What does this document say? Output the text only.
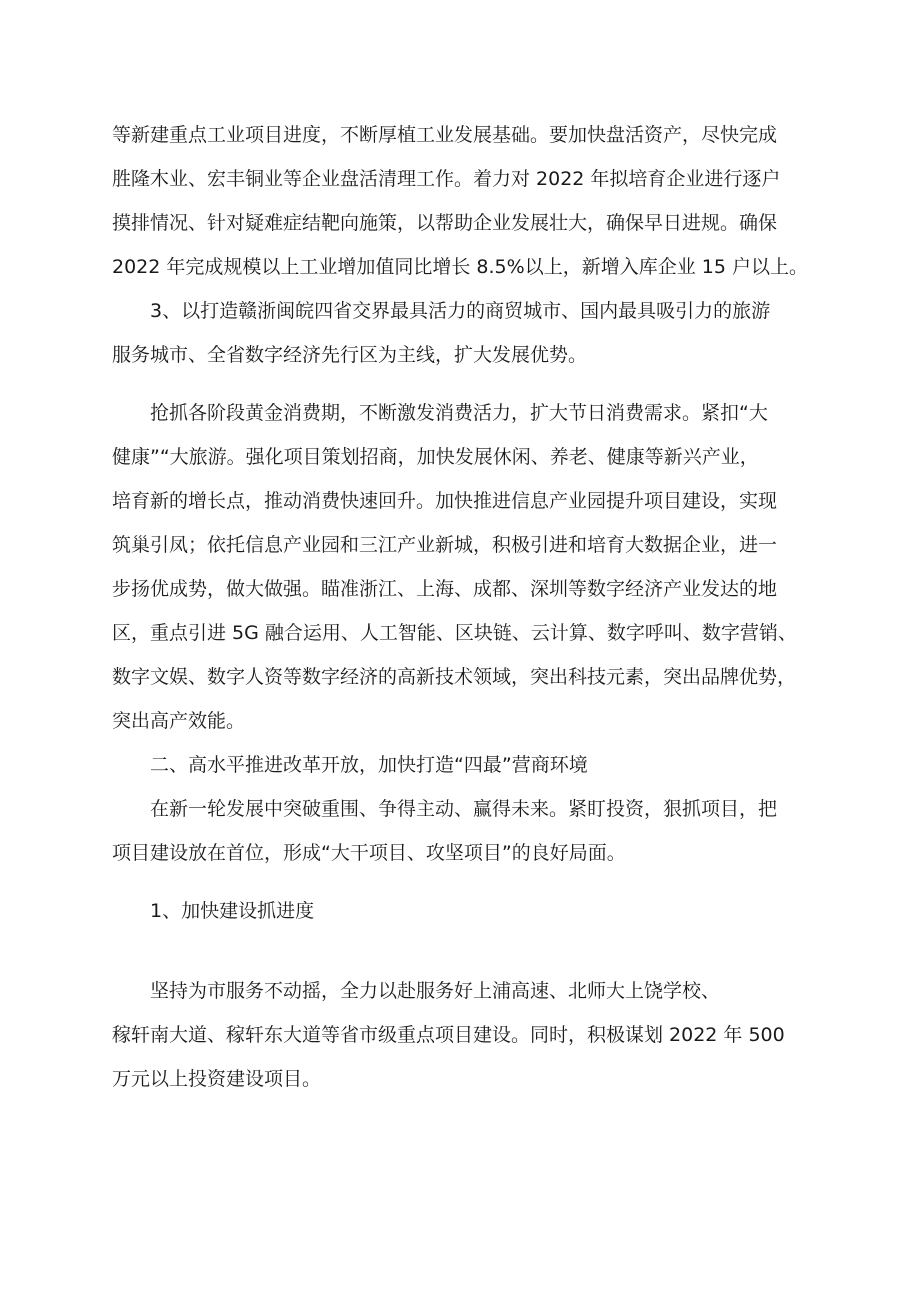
等新建重点工业项目进度，不断厚植工业发展基础。要加快盘活资产，尽快完成
胜隆木业、宏丰铜业等企业盘活清理工作。着力对 2022 年拟培育企业进行逐户
摸排情况、针对疑难症结靶向施策，以帮助企业发展壮大，确保早日进规。确保
2022 年完成规模以上工业增加值同比增长 8.5%以上，新增入库企业 15 户以上。
3、以打造赣浙闽皖四省交界最具活力的商贸城市、国内最具吸引力的旅游
服务城市、全省数字经济先行区为主线，扩大发展优势。
抢抓各阶段黄金消费期，不断激发消费活力，扩大节日消费需求。紧扣“大
健康”“大旅游。强化项目策划招商，加快发展休闲、养老、健康等新兴产业，
培育新的增长点，推动消费快速回升。加快推进信息产业园提升项目建设，实现
筑巢引凤；依托信息产业园和三江产业新城，积极引进和培育大数据企业，进一
步扬优成势，做大做强。瞄准浙江、上海、成都、深圳等数字经济产业发达的地
区，重点引进 5G 融合运用、人工智能、区块链、云计算、数字呼叫、数字营销、
数字文娱、数字人资等数字经济的高新技术领域，突出科技元素，突出品牌优势，
突出高产效能。
二、高水平推进改革开放，加快打造“四最”营商环境
在新一轮发展中突破重围、争得主动、赢得未来。紧盯投资，狠抓项目，把
项目建设放在首位，形成“大干项目、攻坚项目”的良好局面。
1、加快建设抓进度
坚持为市服务不动摇，全力以赴服务好上浦高速、北师大上饶学校、
稼轩南大道、稼轩东大道等省市级重点项目建设。同时，积极谋划 2022 年 500
万元以上投资建设项目。
